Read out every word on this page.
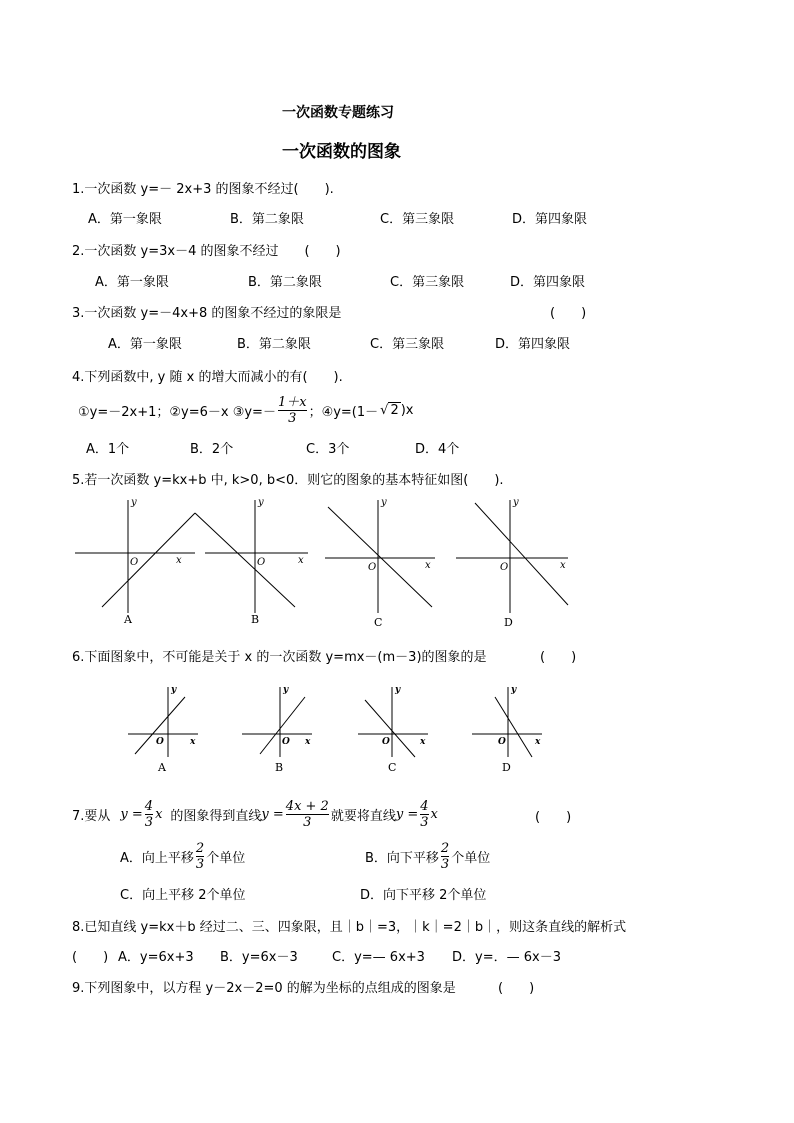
一次函数专题练习
一次函数的图象
1.一次函数 y=－ 2x+3 的图象不经过(　　).
A．第一象限	B．第二象限	C．第三象限	D．第四象限
2.一次函数 y=3x－4 的图象不经过　　(　　)
A．第一象限	B．第二象限	C．第三象限	D．第四象限
3.一次函数 y=－4x+8 的图象不经过的象限是	(　　)
A．第一象限	B．第二象限	C．第三象限	D．第四象限
4.下列函数中, y 随 x 的增大而减小的有(　　).
①y=－2x+1；②y=6－x ③y=－ $\frac{1+x}{3}$ ；④y=(1－ √ 2 )x
A．1个	B．2个	C．3个	D．4个
5.若一次函数 y=kx+b 中, k>0, b<0．则它的图象的基本特征如图(　　).
y
x
O
y
x
O
y
x
O
y
x
O
A	B	C	D
6.下面图象中，不可能是关于 x 的一次函数 y=mx－(m－3)的图象的是	(　　)
y
x
O
y
x
O
y
x
O
y
x
O
A	B	C	D
7.要从 $y = \frac{4}{3}$ x 的图象得到直线 $y = \frac{4x + 2}{3}$ 就要将直线 $y = \frac{4}{3}$ x	(　　)
A．向上平移 $\frac{2}{3}$ 个单位	B．向下平移 $\frac{2}{3}$ 个单位
C．向上平移 2个单位	D．向下平移 2个单位
8.已知直线 y=kx＋b 经过二、三、四象限，且｜b｜=3，｜k｜=2｜b｜，则这条直线的解析式
(　　) A．y=6x+3 B．y=6x－3	C．y=— 6x+3 D．y=．— 6x－3
9.下列图象中，以方程 y－2x－2=0 的解为坐标的点组成的图象是	(　　)
